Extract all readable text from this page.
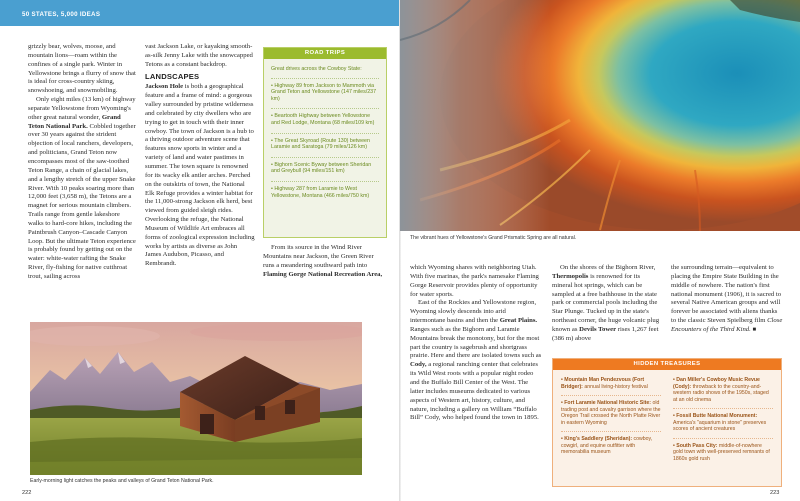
50 STATES, 5,000 IDEAS

grizzly bear, wolves, moose, and mountain lions—roam within the confines of a single park. Winter in Yellowstone brings a flurry of snow that is ideal for cross-country skiing, snowshoeing, and snowmobiling.

Only eight miles (13 km) of highway separate Yellowstone from Wyoming's other great natural wonder, Grand Teton National Park. Cobbled together over 30 years against the strident objection of local ranchers, developers, and politicians, Grand Teton now encompasses most of the saw-toothed Teton Range, a chain of glacial lakes, and a lengthy stretch of the upper Snake River. With 10 peaks soaring more than 12,000 feet (3,658 m), the Tetons are a magnet for serious mountain climbers. Trails range from gentle lakeshore walks to hard-core hikes, including the Paintbrush Canyon–Cascade Canyon Loop. But the ultimate Teton experience is probably found by getting out on the water: white-water rafting the Snake River, fly-fishing for native cutthroat trout, sailing across

vast Jackson Lake, or kayaking smooth-as-silk Jenny Lake with the snowcapped Tetons as a constant backdrop.

LANDSCAPES

Jackson Hole is both a geographical feature and a frame of mind: a gorgeous valley surrounded by pristine wilderness and celebrated by city dwellers who are trying to get in touch with their inner cowboy. The town of Jackson is a hub to a thriving outdoor adventure scene that features snow sports in winter and a variety of land and water pastimes in summer. The town square is renowned for its wacky elk antler arches. Perched on the outskirts of town, the National Elk Refuge provides a winter habitat for the 11,000-strong Jackson elk herd, best viewed from guided sleigh rides. Overlooking the refuge, the National Museum of Wildlife Art embraces all forms of zoological expression including works by artists as diverse as John James Audubon, Picasso, and Rembrandt.

From its source in the Wind River Mountains near Jackson, the Green River runs a meandering southward path into Flaming Gorge National Recreation Area,

ROAD TRIPS
Great drives across the Cowboy State:
• Highway 89 from Jackson to Mammoth via Grand Teton and Yellowstone (147 miles/237 km)
• Beartooth Highway between Yellowstone and Red Lodge, Montana (68 miles/109 km)
• The Great Skyroad (Route 130) between Laramie and Saratoga (79 miles/126 km)
• Bighorn Scenic Byway between Sheridan and Greybull (94 miles/151 km)
• Highway 287 from Laramie to West Yellowstone, Montana (466 miles/750 km)
Early-morning light catches the peaks and valleys of Grand Teton National Park.
222
The vibrant hues of Yellowstone's Grand Prismatic Spring are all natural.

which Wyoming shares with neighboring Utah. With five marinas, the park's namesake Flaming Gorge Reservoir provides plenty of opportunity for water sports.

East of the Rockies and Yellowstone region, Wyoming slowly descends into arid intermontane basins and then the Great Plains. Ranges such as the Bighorn and Laramie Mountains break the monotony, but for the most part the country is sagebrush and shortgrass prairie. Here and there are isolated towns such as Cody, a regional ranching center that celebrates its Wild West roots with a popular night rodeo and the Buffalo Bill Center of the West. The latter includes museums dedicated to various aspects of Western art, history, culture, and nature, including a gallery on William “Buffalo Bill” Cody, who helped found the town in 1895.

On the shores of the Bighorn River, Thermopolis is renowned for its mineral hot springs, which can be sampled at a free bathhouse in the state park or commercial pools including the Star Plunge. Tucked up in the state's northeast corner, the huge volcanic plug known as Devils Tower rises 1,267 feet (386 m) above

the surrounding terrain—equivalent to placing the Empire State Building in the middle of nowhere. The nation's first national monument (1906), it is sacred to several Native American groups and will forever be associated with aliens thanks to the classic Steven Spielberg film Close Encounters of the Third Kind. ■

HIDDEN TREASURES
• Mountain Man Pendezvous (Fort Bridger): annual living-history festival
• Fort Laramie National Historic Site: old trading post and cavalry garrison where the Oregon Trail crossed the North Platte River in eastern Wyoming
• King's Saddlery (Sheridan): cowboy, cowgirl, and equine outfitter with memorabilia museum
• Dan Miller's Cowboy Music Revue (Cody): throwback to the country-and-western radio shows of the 1950s, staged at an old cinema
• Fossil Butte National Monument: America's "aquarium in stone" preserves scores of ancient creatures
• South Pass City: middle-of-nowhere gold town with well-preserved remnants of 1860s gold rush
223
